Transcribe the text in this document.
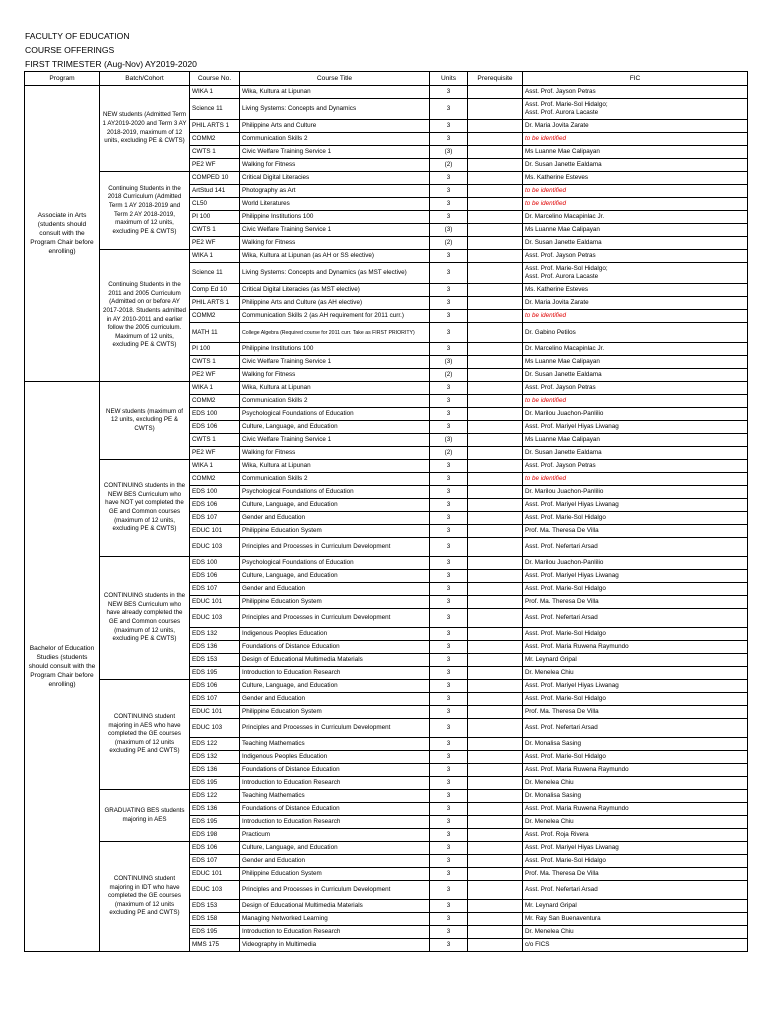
FACULTY OF EDUCATION
COURSE OFFERINGS
FIRST TRIMESTER (Aug-Nov) AY2019-2020
Program	Batch/Cohort	Course No.	Course Title	Units	Prerequisite	FIC
Associate in Arts (students should consult with the Program Chair before enrolling)	NEW students (Admitted Term 1 AY2019-2020 and Term 3 AY 2018-2019, maximum of 12 units, excluding PE & CWTS)	WIKA 1	Wika, Kultura at Lipunan	3		Asst. Prof. Jayson Petras
		Science 11	Living Systems: Concepts and Dynamics	3		Asst. Prof. Marie-Sol Hidalgo;
Asst. Prof. Aurora Lacaste
		PHIL ARTS 1	Philippine Arts and Culture	3		Dr. Maria Jovita Zarate
		COMM2	Communication Skills 2	3		to be identified
		CWTS 1	Civic Welfare Training Service 1	(3)		Ms Luanne Mae Calipayan
		PE2 WF	Walking for Fitness	(2)		Dr. Susan Janette Ealdama
	Continuing Students in the 2018 Curriculum (Admitted Term 1 AY 2018-2019 and Term 2 AY 2018-2019, maximum of 12 units, excluding PE & CWTS)	COMPED 10	Critical Digital Literacies	3		Ms. Katherine Esteves
		ArtStud 141	Photography as Art	3		to be identified
		CL50	World Literatures	3		to be identified
		PI 100	Philippine Institutions 100	3		Dr. Marcelino Macapinlac Jr.
		CWTS 1	Civic Welfare Training Service 1	(3)		Ms Luanne Mae Calipayan
		PE2 WF	Walking for Fitness	(2)		Dr. Susan Janette Ealdama
	Continuing Students in the 2011 and 2005 Curriculum (Admitted on or before AY 2017-2018. Students admitted in AY 2010-2011 and earlier follow the 2005 curriculum. Maximum of 12 units, excluding PE & CWTS)	WIKA 1	Wika, Kultura at Lipunan (as AH or SS elective)	3		Asst. Prof. Jayson Petras
		Science 11	Living Systems: Concepts and Dynamics (as MST elective)	3		Asst. Prof. Marie-Sol Hidalgo;
Asst. Prof. Aurora Lacaste
		Comp Ed 10	Critical Digital Literacies (as MST elective)	3		Ms. Katherine Esteves
		PHIL ARTS 1	Philippine Arts and Culture (as AH elective)	3		Dr. Maria Jovita Zarate
		COMM2	Communication Skills 2 (as AH requirement for 2011 curr.)	3		to be identified
		MATH 11	College Algebra (Required course for 2011 curr. Take as FIRST PRIORITY)	3		Dr. Gabino Petilos
		PI 100	Philippine Institutions 100	3		Dr. Marcelino Macapinlac Jr.
		CWTS 1	Civic Welfare Training Service 1	(3)		Ms Luanne Mae Calipayan
		PE2 WF	Walking for Fitness	(2)		Dr. Susan Janette Ealdama
Bachelor of Education Studies (students should consult with the Program Chair before enrolling)	NEW students (maximum of 12 units, excluding PE & CWTS)	WIKA 1	Wika, Kultura at Lipunan	3		Asst. Prof. Jayson Petras
		COMM2	Communication Skills 2	3		to be identified
		EDS 100	Psychological Foundations of Education	3		Dr. Marilou Juachon-Panlilio
		EDS 106	Culture, Language, and Education	3		Asst. Prof. Mariyel Hiyas Liwanag
		CWTS 1	Civic Welfare Training Service 1	(3)		Ms Luanne Mae Calipayan
		PE2 WF	Walking for Fitness	(2)		Dr. Susan Janette Ealdama
	CONTINUING students in the NEW BES Curriculum who have NOT yet completed the GE and Common courses (maximum of 12 units, excluding PE & CWTS)	WIKA 1	Wika, Kultura at Lipunan	3		Asst. Prof. Jayson Petras
		COMM2	Communication Skills 2	3		to be identified
		EDS 100	Psychological Foundations of Education	3		Dr. Marilou Juachon-Panlilio
		EDS 106	Culture, Language, and Education	3		Asst. Prof. Mariyel Hiyas Liwanag
		EDS 107	Gender and Education	3		Asst. Prof. Marie-Sol Hidalgo
		EDUC 101	Philippine Education System	3		Prof. Ma. Theresa De Villa
		EDUC 103	Principles and Processes in Curriculum Development	3		Asst. Prof. Nefertari Arsad
	CONTINUING students in the NEW BES Curriculum who have already completed the GE and Common courses (maximum of 12 units, excluding PE & CWTS)	EDS 100	Psychological Foundations of Education	3		Dr. Marilou Juachon-Panlilio
		EDS 106	Culture, Language, and Education	3		Asst. Prof. Mariyel Hiyas Liwanag
		EDS 107	Gender and Education	3		Asst. Prof. Marie-Sol Hidalgo
		EDUC 101	Philippine Education System	3		Prof. Ma. Theresa De Villa
		EDUC 103	Principles and Processes in Curriculum Development	3		Asst. Prof. Nefertari Arsad
		EDS 132	Indigenous Peoples Education	3		Asst. Prof. Marie-Sol Hidalgo
		EDS 136	Foundations of Distance Education	3		Asst. Prof. Maria Ruwena Raymundo
		EDS 153	Design of Educational Multimedia Materials	3		Mr. Leynard Gripal
		EDS 195	Introduction to Education Research	3		Dr. Menelea Chiu
	CONTINUING student majoring in AES who have completed the GE courses (maximum of 12 units excluding PE and CWTS)	EDS 106	Culture, Language, and Education	3		Asst. Prof. Mariyel Hiyas Liwanag
		EDS 107	Gender and Education	3		Asst. Prof. Marie-Sol Hidalgo
		EDUC 101	Philippine Education System	3		Prof. Ma. Theresa De Villa
		EDUC 103	Principles and Processes in Curriculum Development	3		Asst. Prof. Nefertari Arsad
		EDS 122	Teaching Mathematics	3		Dr. Monalisa Sasing
		EDS 132	Indigenous Peoples Education	3		Asst. Prof. Marie-Sol Hidalgo
		EDS 136	Foundations of Distance Education	3		Asst. Prof. Maria Ruwena Raymundo
		EDS 195	Introduction to Education Research	3		Dr. Menelea Chiu
	GRADUATING BES students majoring in AES	EDS 122	Teaching Mathematics	3		Dr. Monalisa Sasing
		EDS 136	Foundations of Distance Education	3		Asst. Prof. Maria Ruwena Raymundo
		EDS 195	Introduction to Education Research	3		Dr. Menelea Chiu
		EDS 198	Practicum	3		Asst. Prof. Roja Rivera
	CONTINUING student majoring in IDT who have completed the GE courses (maximum of 12 units excluding PE and CWTS)	EDS 106	Culture, Language, and Education	3		Asst. Prof. Mariyel Hiyas Liwanag
		EDS 107	Gender and Education	3		Asst. Prof. Marie-Sol Hidalgo
		EDUC 101	Philippine Education System	3		Prof. Ma. Theresa De Villa
		EDUC 103	Principles and Processes in Curriculum Development	3		Asst. Prof. Nefertari Arsad
		EDS 153	Design of Educational Multimedia Materials	3		Mr. Leynard Gripal
		EDS 158	Managing Networked Learning	3		Mr. Ray San Buenaventura
		EDS 195	Introduction to Education Research	3		Dr. Menelea Chiu
		MMS 175	Videography in Multimedia	3		c/o FICS
